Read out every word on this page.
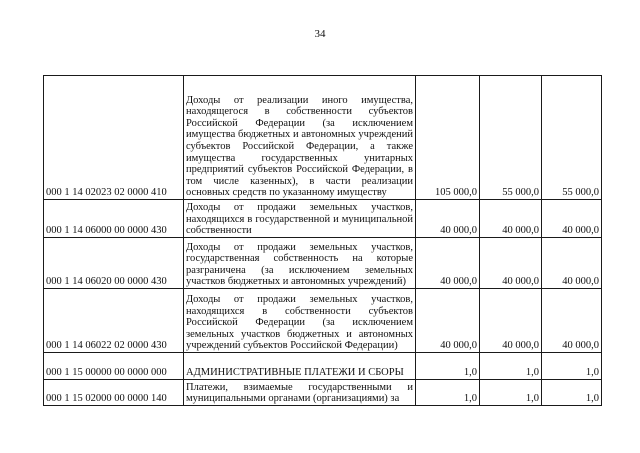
34
000 1 14 02023 02 0000 410	Доходы от реализации иного имущества, находящегося в собственности субъектов Российской Федерации (за исключением имущества бюджетных и автономных учреждений субъектов Российской Федерации, а также имущества государственных унитарных предприятий субъектов Российской Федерации, в том числе казенных), в части реализации основных средств по указанному имуществу	105 000,0	55 000,0	55 000,0
000 1 14 06000 00 0000 430	Доходы от продажи земельных участков, находящихся в государственной и муниципальной собственности	40 000,0	40 000,0	40 000,0
000 1 14 06020 00 0000 430	Доходы от продажи земельных участков, государственная собственность на которые разграничена (за исключением земельных участков бюджетных и автономных учреждений)	40 000,0	40 000,0	40 000,0
000 1 14 06022 02 0000 430	Доходы от продажи земельных участков, находящихся в собственности субъектов Российской Федерации (за исключением земельных участков бюджетных и автономных учреждений субъектов Российской Федерации)	40 000,0	40 000,0	40 000,0
000 1 15 00000 00 0000 000	АДМИНИСТРАТИВНЫЕ ПЛАТЕЖИ И СБОРЫ	1,0	1,0	1,0
000 1 15 02000 00 0000 140	Платежи, взимаемые государственными и муниципальными органами (организациями) за	1,0	1,0	1,0
